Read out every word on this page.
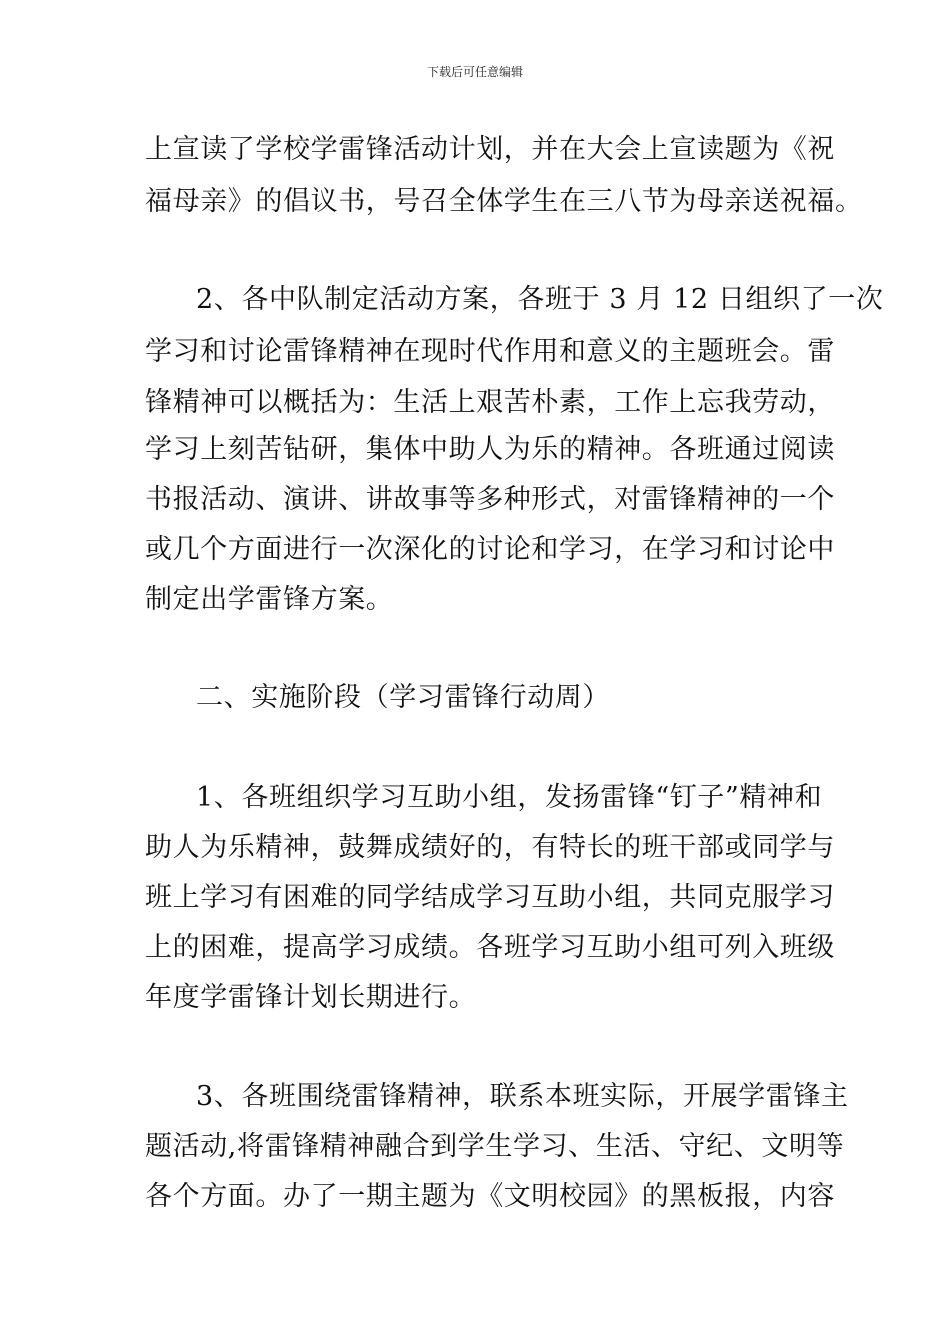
下载后可任意编辑
上宣读了学校学雷锋活动计划，并在大会上宣读题为《祝
福母亲》的倡议书，号召全体学生在三八节为母亲送祝福。
2、各中队制定活动方案，各班于 3 月 12 日组织了一次
学习和讨论雷锋精神在现时代作用和意义的主题班会。雷
锋精神可以概括为：生活上艰苦朴素，工作上忘我劳动，
学习上刻苦钻研，集体中助人为乐的精神。各班通过阅读
书报活动、演讲、讲故事等多种形式，对雷锋精神的一个
或几个方面进行一次深化的讨论和学习，在学习和讨论中
制定出学雷锋方案。
二、实施阶段（学习雷锋行动周）
1、各班组织学习互助小组，发扬雷锋“钉子”精神和
助人为乐精神，鼓舞成绩好的，有特长的班干部或同学与
班上学习有困难的同学结成学习互助小组，共同克服学习
上的困难，提高学习成绩。各班学习互助小组可列入班级
年度学雷锋计划长期进行。
3、各班围绕雷锋精神，联系本班实际，开展学雷锋主
题活动,将雷锋精神融合到学生学习、生活、守纪、文明等
各个方面。办了一期主题为《文明校园》的黑板报，内容
